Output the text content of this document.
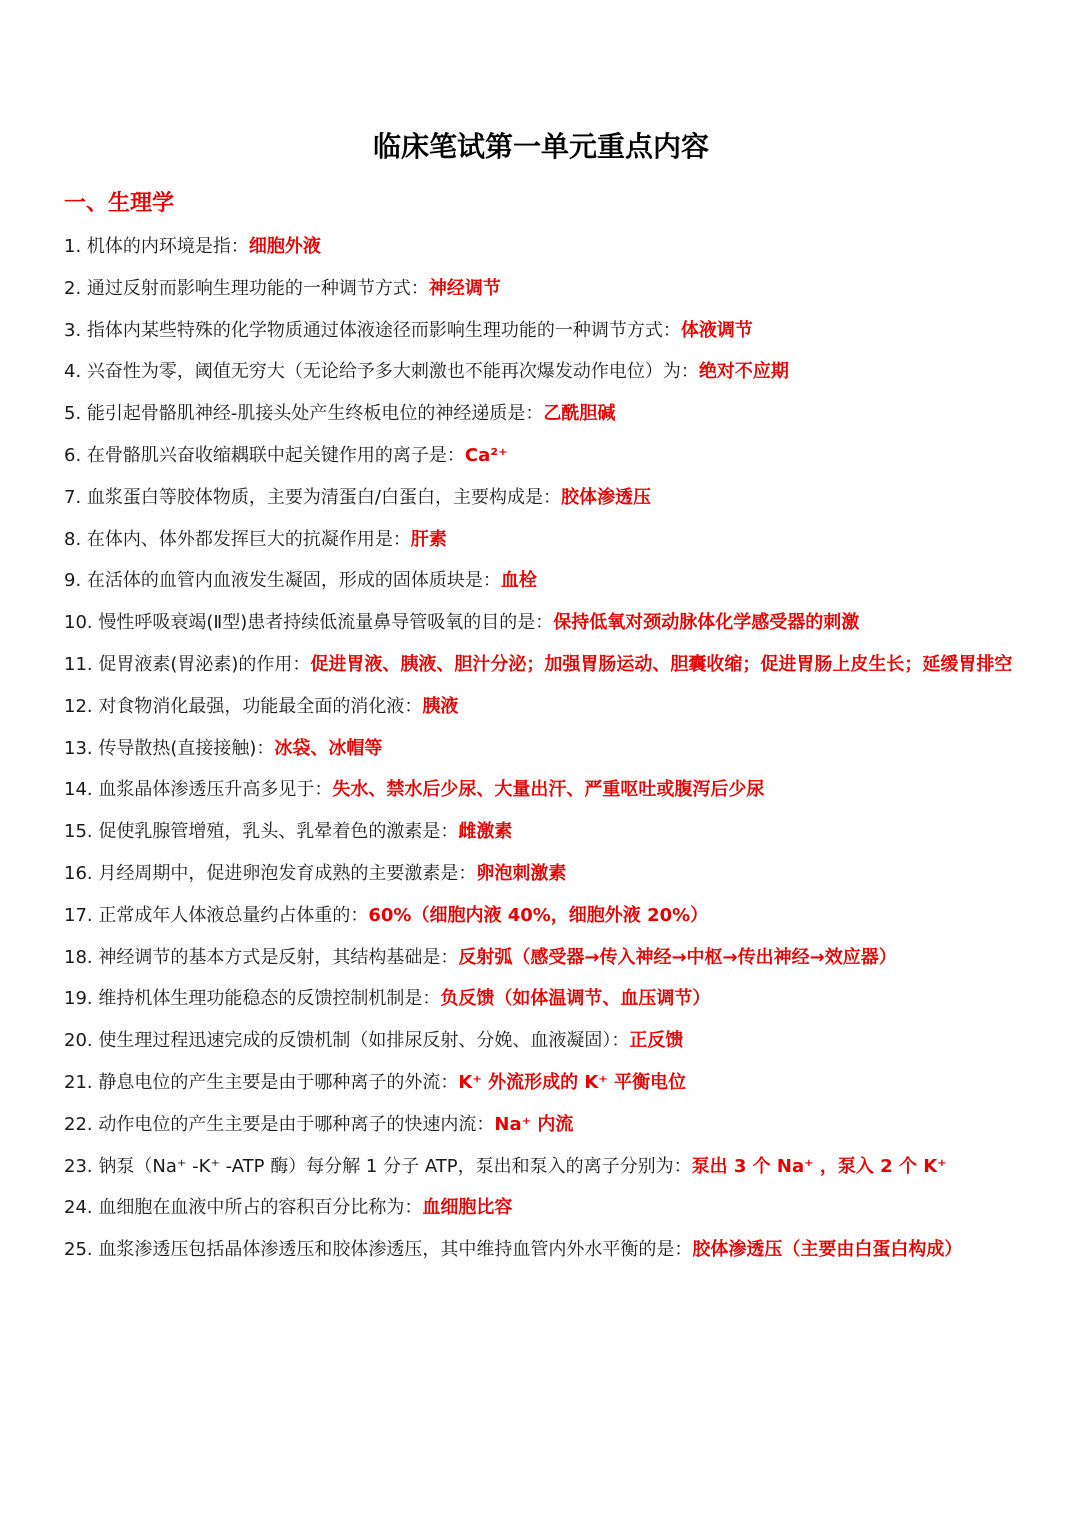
临床笔试第一单元重点内容
一、生理学
1. 机体的内环境是指：细胞外液
2. 通过反射而影响生理功能的一种调节方式：神经调节
3. 指体内某些特殊的化学物质通过体液途径而影响生理功能的一种调节方式：体液调节
4. 兴奋性为零，阈值无穷大（无论给予多大刺激也不能再次爆发动作电位）为：绝对不应期
5. 能引起骨骼肌神经-肌接头处产生终板电位的神经递质是：乙酰胆碱
6. 在骨骼肌兴奋收缩耦联中起关键作用的离子是：Ca²⁺
7. 血浆蛋白等胶体物质，主要为清蛋白/白蛋白，主要构成是：胶体渗透压
8. 在体内、体外都发挥巨大的抗凝作用是：肝素
9. 在活体的血管内血液发生凝固，形成的固体质块是：血栓
10. 慢性呼吸衰竭(Ⅱ型)患者持续低流量鼻导管吸氧的目的是：保持低氧对颈动脉体化学感受器的刺激
11. 促胃液素(胃泌素)的作用：促进胃液、胰液、胆汁分泌；加强胃肠运动、胆囊收缩；促进胃肠上皮生长；延缓胃排空
12. 对食物消化最强，功能最全面的消化液：胰液
13. 传导散热(直接接触)：冰袋、冰帽等
14. 血浆晶体渗透压升高多见于：失水、禁水后少尿、大量出汗、严重呕吐或腹泻后少尿
15. 促使乳腺管增殖，乳头、乳晕着色的激素是：雌激素
16. 月经周期中，促进卵泡发育成熟的主要激素是：卵泡刺激素
17. 正常成年人体液总量约占体重的：60%（细胞内液 40%，细胞外液 20%）
18. 神经调节的基本方式是反射，其结构基础是：反射弧（感受器→传入神经→中枢→传出神经→效应器）
19. 维持机体生理功能稳态的反馈控制机制是：负反馈（如体温调节、血压调节）
20. 使生理过程迅速完成的反馈机制（如排尿反射、分娩、血液凝固）：正反馈
21. 静息电位的产生主要是由于哪种离子的外流：K⁺ 外流形成的 K⁺ 平衡电位
22. 动作电位的产生主要是由于哪种离子的快速内流：Na⁺ 内流
23. 钠泵（Na⁺ -K⁺ -ATP 酶）每分解 1 分子 ATP，泵出和泵入的离子分别为：泵出 3 个 Na⁺ ，泵入 2 个 K⁺
24. 血细胞在血液中所占的容积百分比称为：血细胞比容
25. 血浆渗透压包括晶体渗透压和胶体渗透压，其中维持血管内外水平衡的是：胶体渗透压（主要由白蛋白构成）
